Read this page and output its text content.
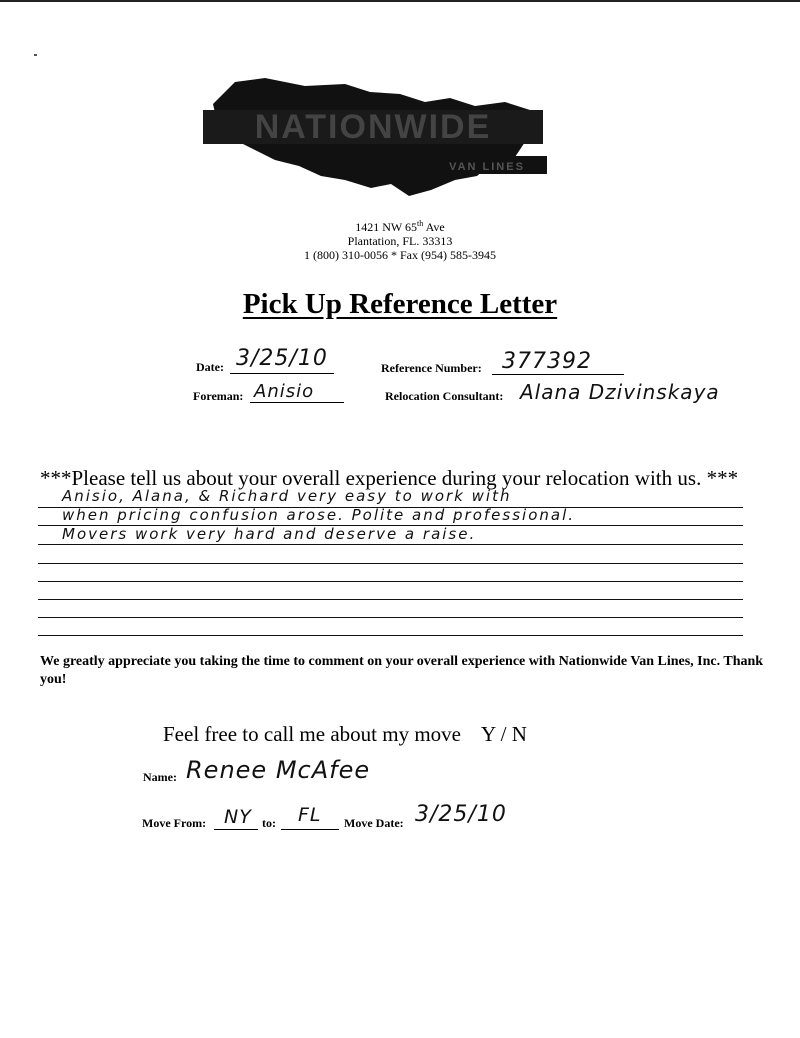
NATIONWIDE
VAN LINES
1421 NW 65th Ave
Plantation, FL. 33313
1 (800) 310-0056 * Fax (954) 585-3945
Pick Up Reference Letter
Date: 3/25/10	Reference Number: 377392
Foreman: Anisio	Relocation Consultant: Alana Dzivinskaya
***Please tell us about your overall experience during your relocation with us. ***
Anisio, Alana, & Richard very easy to work with
when pricing confusion arose. Polite and professional.
Movers work very hard and deserve a raise.
We greatly appreciate you taking the time to comment on your overall experience with Nationwide Van Lines, Inc. Thank you!
Feel free to call me about my move Y / N
Name: Renee McAfee
Move From: NY to: FL Move Date: 3/25/10
